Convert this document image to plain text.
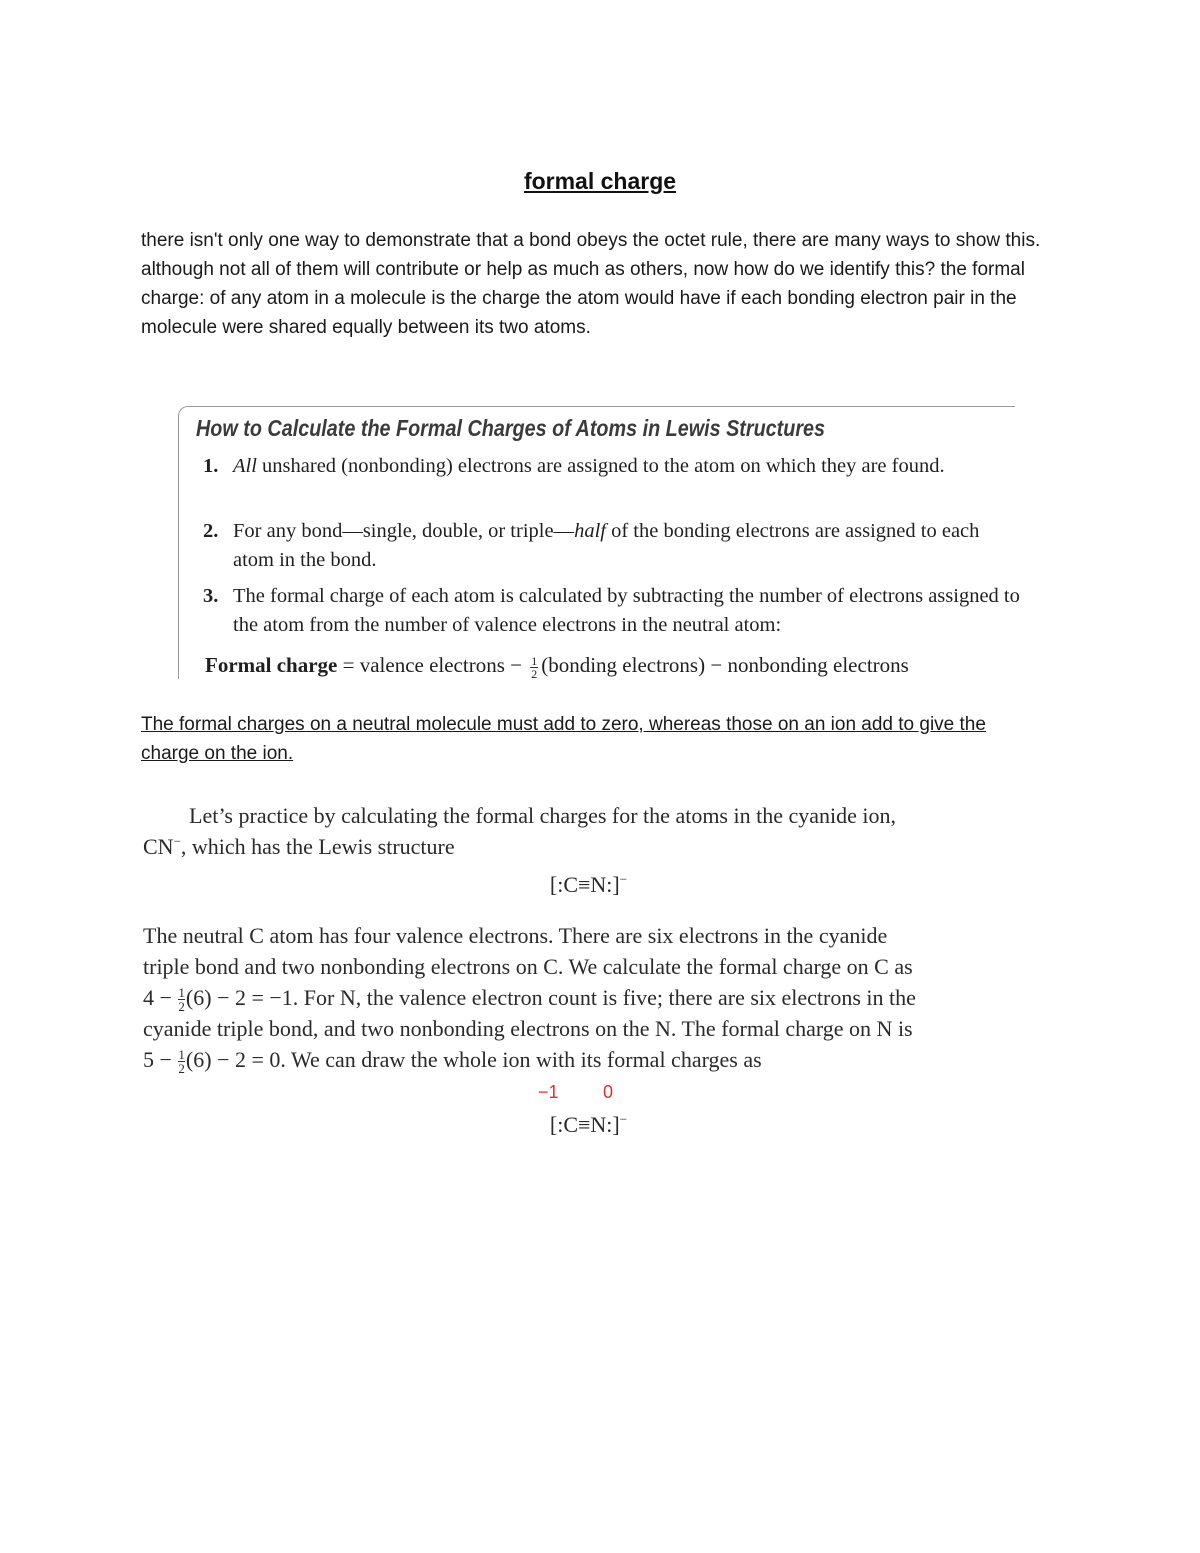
formal charge
there isn't only one way to demonstrate that a bond obeys the octet rule, there are many ways to show this. although not all of them will contribute or help as much as others, now how do we identify this? the formal charge: of any atom in a molecule is the charge the atom would have if each bonding electron pair in the molecule were shared equally between its two atoms.
How to Calculate the Formal Charges of Atoms in Lewis Structures
1. All unshared (nonbonding) electrons are assigned to the atom on which they are found.
2. For any bond—single, double, or triple—half of the bonding electrons are assigned to each atom in the bond.
3. The formal charge of each atom is calculated by subtracting the number of electrons assigned to the atom from the number of valence electrons in the neutral atom:
Formal charge = valence electrons − $\frac{1}{2}$ (bonding electrons) − nonbonding electrons
The formal charges on a neutral molecule must add to zero, whereas those on an ion add to give the charge on the ion.
Let’s practice by calculating the formal charges for the atoms in the cyanide ion,
CN−, which has the Lewis structure
[:C≡N:]−
The neutral C atom has four valence electrons. There are six electrons in the cyanide
triple bond and two nonbonding electrons on C. We calculate the formal charge on C as
$4 - \frac{1}{2} (6) - 2 = -1$. For N, the valence electron count is five; there are six electrons in the
cyanide triple bond, and two nonbonding electrons on the N. The formal charge on N is
$5 - \frac{1}{2} (6) - 2 = 0$. We can draw the whole ion with its formal charges as
−1 0
[:C≡N:]−
